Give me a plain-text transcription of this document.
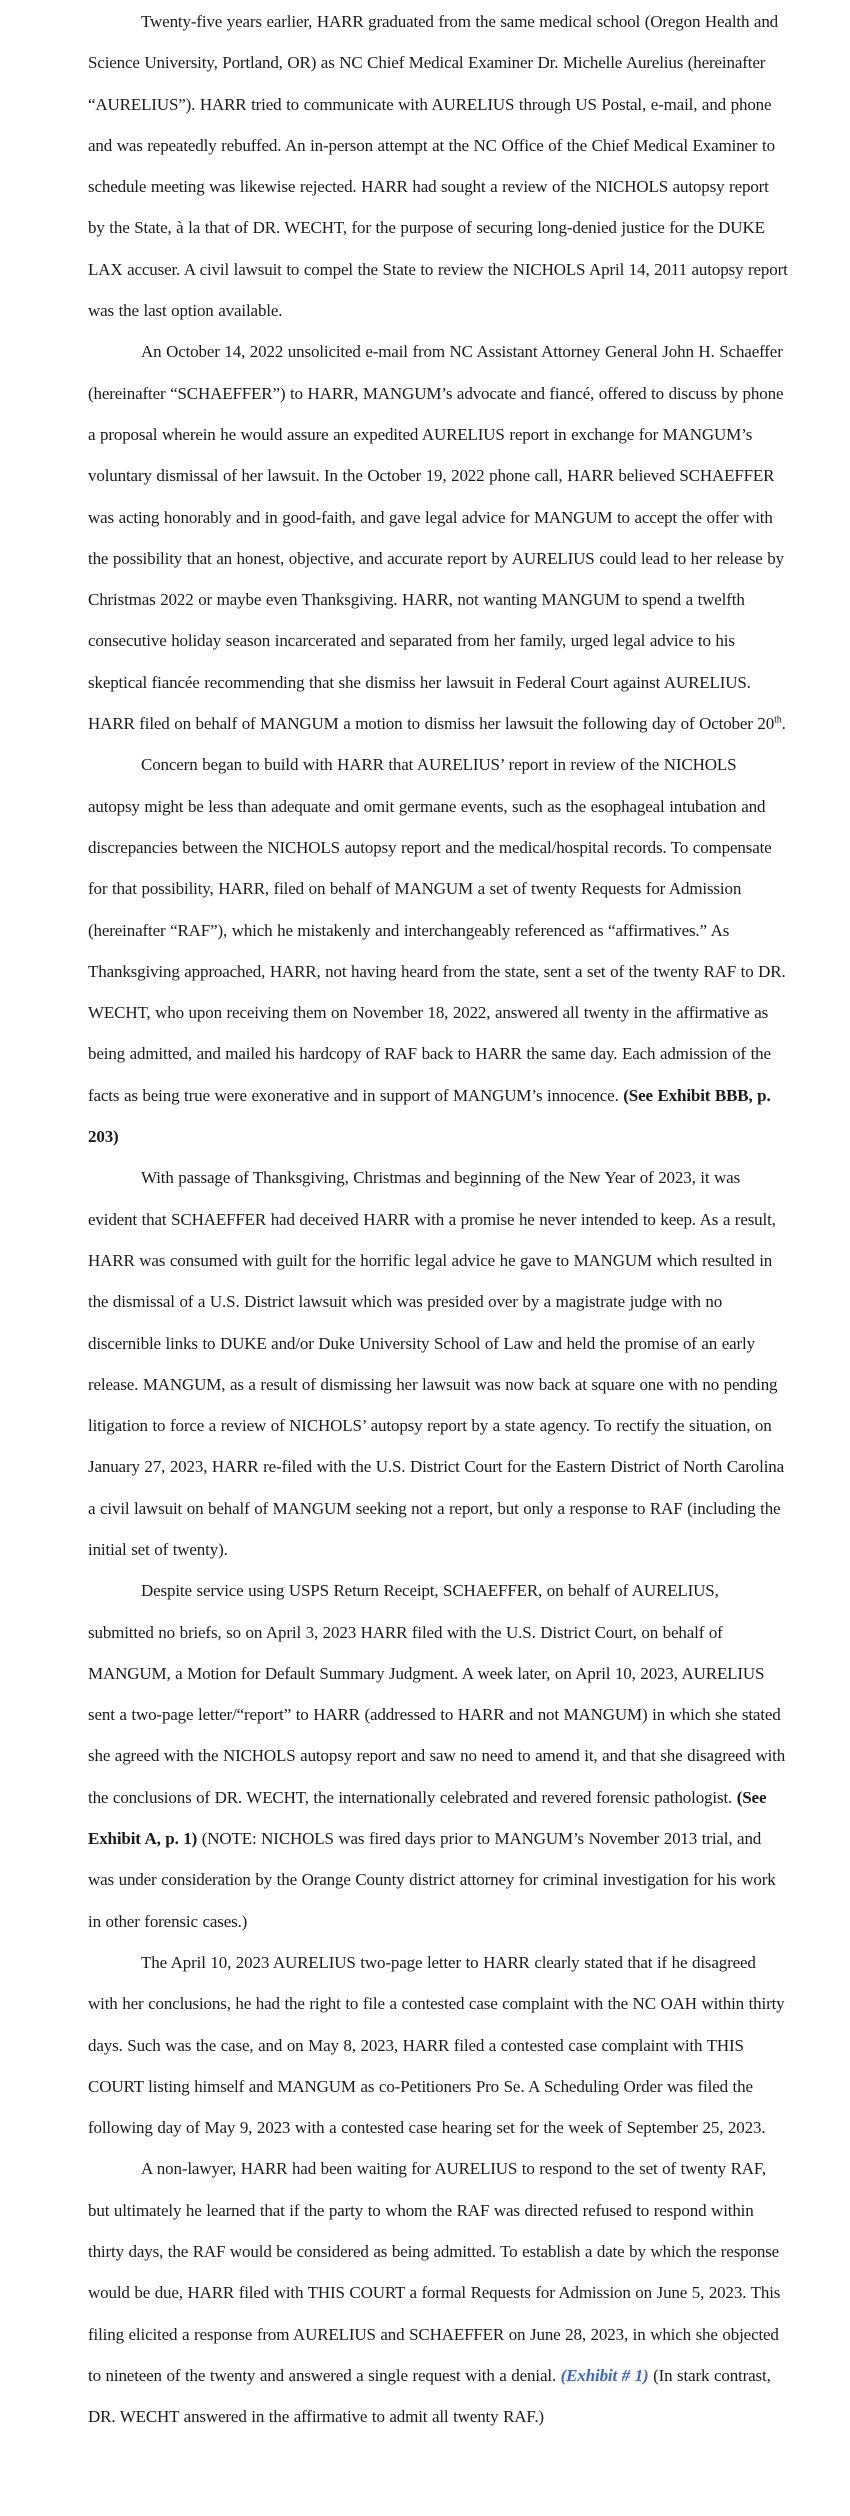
Twenty-five years earlier, HARR graduated from the same medical school (Oregon Health and Science University, Portland, OR) as NC Chief Medical Examiner Dr. Michelle Aurelius (hereinafter “AURELIUS”). HARR tried to communicate with AURELIUS through US Postal, e-mail, and phone and was repeatedly rebuffed. An in-person attempt at the NC Office of the Chief Medical Examiner to schedule meeting was likewise rejected. HARR had sought a review of the NICHOLS autopsy report by the State, à la that of DR. WECHT, for the purpose of securing long-denied justice for the DUKE LAX accuser. A civil lawsuit to compel the State to review the NICHOLS April 14, 2011 autopsy report was the last option available.

An October 14, 2022 unsolicited e-mail from NC Assistant Attorney General John H. Schaeffer (hereinafter “SCHAEFFER”) to HARR, MANGUM’s advocate and fiancé, offered to discuss by phone a proposal wherein he would assure an expedited AURELIUS report in exchange for MANGUM’s voluntary dismissal of her lawsuit. In the October 19, 2022 phone call, HARR believed SCHAEFFER was acting honorably and in good-faith, and gave legal advice for MANGUM to accept the offer with the possibility that an honest, objective, and accurate report by AURELIUS could lead to her release by Christmas 2022 or maybe even Thanksgiving. HARR, not wanting MANGUM to spend a twelfth consecutive holiday season incarcerated and separated from her family, urged legal advice to his skeptical fiancée recommending that she dismiss her lawsuit in Federal Court against AURELIUS. HARR filed on behalf of MANGUM a motion to dismiss her lawsuit the following day of October 20th.

Concern began to build with HARR that AURELIUS’ report in review of the NICHOLS autopsy might be less than adequate and omit germane events, such as the esophageal intubation and discrepancies between the NICHOLS autopsy report and the medical/hospital records. To compensate for that possibility, HARR, filed on behalf of MANGUM a set of twenty Requests for Admission (hereinafter “RAF”), which he mistakenly and interchangeably referenced as “affirmatives.” As Thanksgiving approached, HARR, not having heard from the state, sent a set of the twenty RAF to DR. WECHT, who upon receiving them on November 18, 2022, answered all twenty in the affirmative as being admitted, and mailed his hardcopy of RAF back to HARR the same day. Each admission of the facts as being true were exonerative and in support of MANGUM’s innocence. (See Exhibit BBB, p. 203)

With passage of Thanksgiving, Christmas and beginning of the New Year of 2023, it was evident that SCHAEFFER had deceived HARR with a promise he never intended to keep. As a result, HARR was consumed with guilt for the horrific legal advice he gave to MANGUM which resulted in the dismissal of a U.S. District lawsuit which was presided over by a magistrate judge with no discernible links to DUKE and/or Duke University School of Law and held the promise of an early release. MANGUM, as a result of dismissing her lawsuit was now back at square one with no pending litigation to force a review of NICHOLS’ autopsy report by a state agency. To rectify the situation, on January 27, 2023, HARR re-filed with the U.S. District Court for the Eastern District of North Carolina a civil lawsuit on behalf of MANGUM seeking not a report, but only a response to RAF (including the initial set of twenty).

Despite service using USPS Return Receipt, SCHAEFFER, on behalf of AURELIUS, submitted no briefs, so on April 3, 2023 HARR filed with the U.S. District Court, on behalf of MANGUM, a Motion for Default Summary Judgment. A week later, on April 10, 2023, AURELIUS sent a two-page letter/“report” to HARR (addressed to HARR and not MANGUM) in which she stated she agreed with the NICHOLS autopsy report and saw no need to amend it, and that she disagreed with the conclusions of DR. WECHT, the internationally celebrated and revered forensic pathologist. (See Exhibit A, p. 1) (NOTE: NICHOLS was fired days prior to MANGUM’s November 2013 trial, and was under consideration by the Orange County district attorney for criminal investigation for his work in other forensic cases.)

The April 10, 2023 AURELIUS two-page letter to HARR clearly stated that if he disagreed with her conclusions, he had the right to file a contested case complaint with the NC OAH within thirty days. Such was the case, and on May 8, 2023, HARR filed a contested case complaint with THIS COURT listing himself and MANGUM as co-Petitioners Pro Se. A Scheduling Order was filed the following day of May 9, 2023 with a contested case hearing set for the week of September 25, 2023.

A non-lawyer, HARR had been waiting for AURELIUS to respond to the set of twenty RAF, but ultimately he learned that if the party to whom the RAF was directed refused to respond within thirty days, the RAF would be considered as being admitted. To establish a date by which the response would be due, HARR filed with THIS COURT a formal Requests for Admission on June 5, 2023. This filing elicited a response from AURELIUS and SCHAEFFER on June 28, 2023, in which she objected to nineteen of the twenty and answered a single request with a denial. (Exhibit # 1) (In stark contrast, DR. WECHT answered in the affirmative to admit all twenty RAF.)
